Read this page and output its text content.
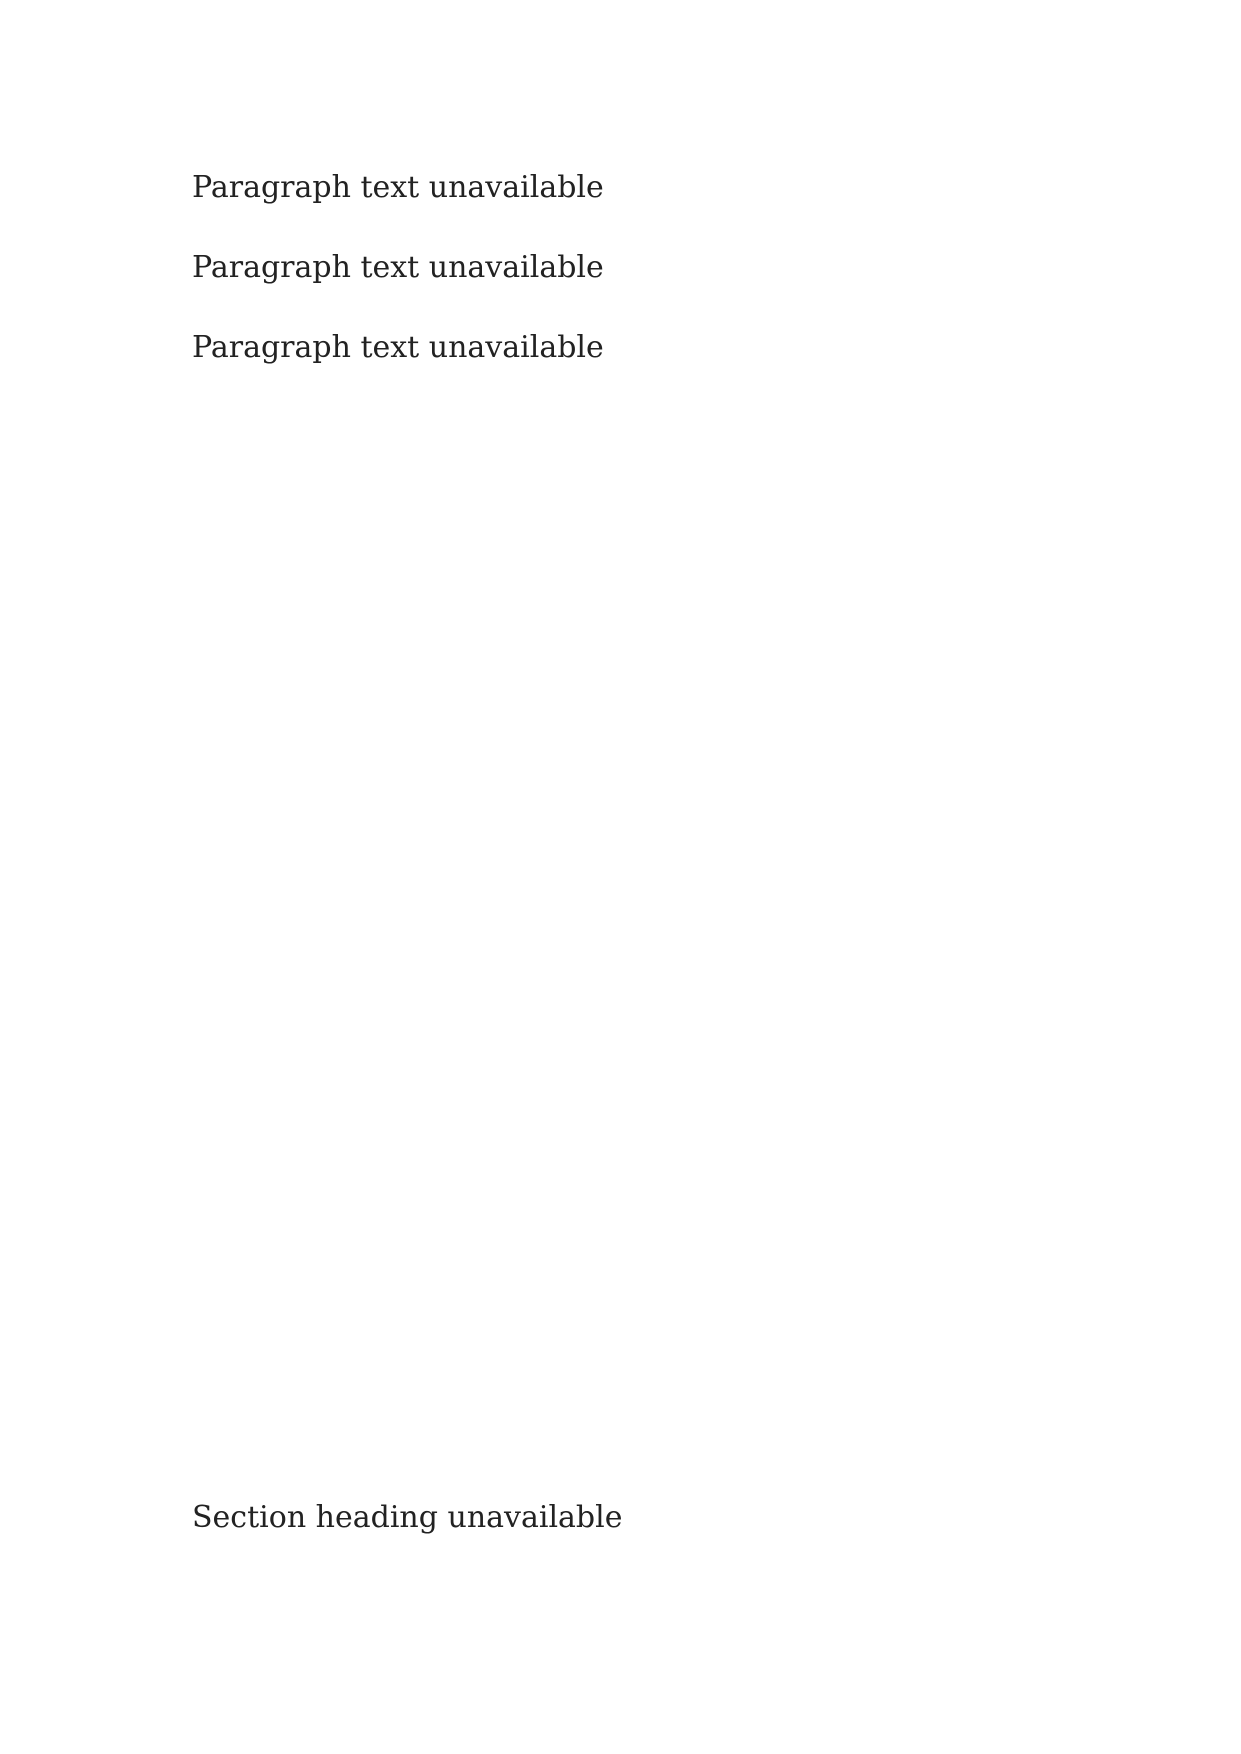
Paragraph text unavailable

Paragraph text unavailable

Paragraph text unavailable

Section heading unavailable
